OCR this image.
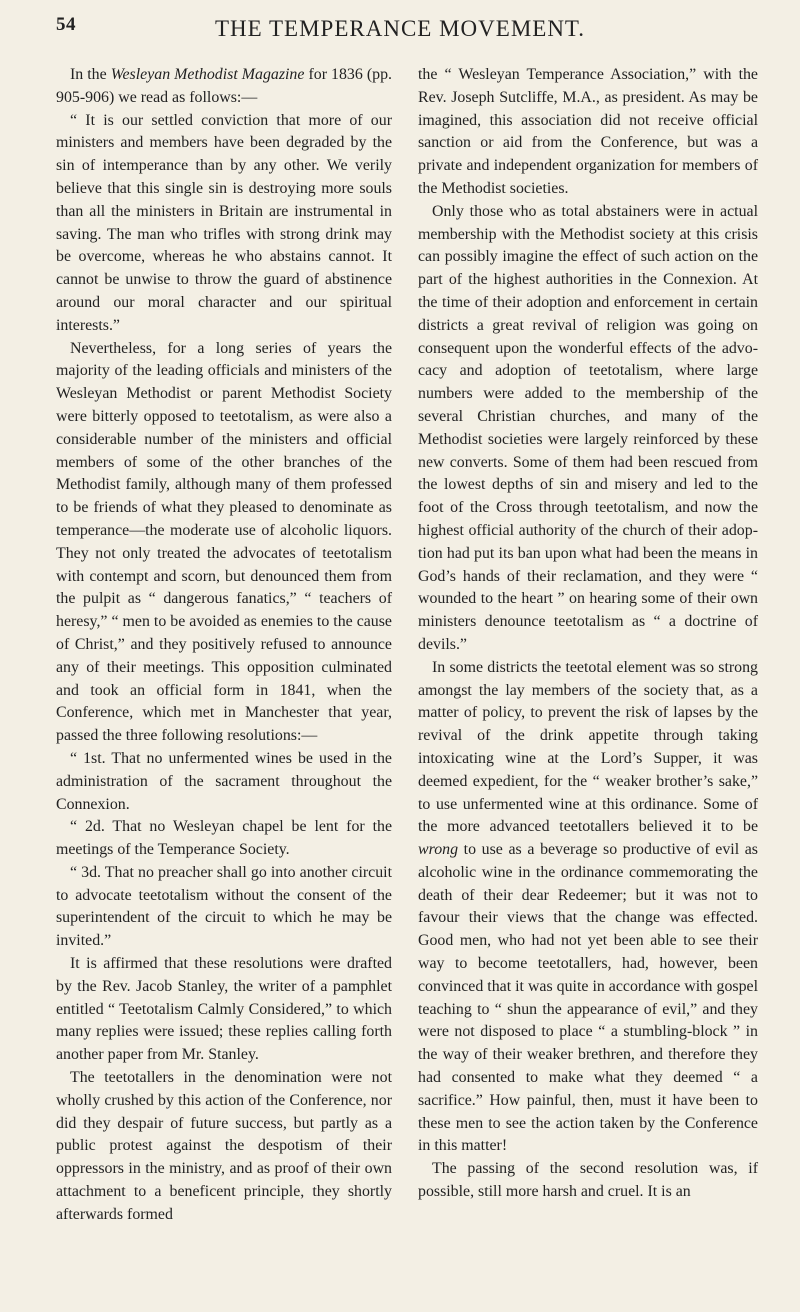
54	THE TEMPERANCE MOVEMENT.

In the Wesleyan Methodist Magazine for 1836 (pp. 905-906) we read as follows:—

“ It is our settled conviction that more of our ministers and members have been degraded by the sin of intemperance than by any other. We verily believe that this single sin is destroying more souls than all the ministers in Britain are instrumental in saving. The man who trifles with strong drink may be overcome, whereas he who abstains cannot. It cannot be unwise to throw the guard of abstinence around our moral character and our spiritual interests.”

Nevertheless, for a long series of years the majority of the leading officials and ministers of the Wesleyan Methodist or parent Methodist Society were bitterly opposed to teetotalism, as were also a considerable number of the ministers and official members of some of the other branches of the Methodist family, although many of them professed to be friends of what they pleased to denominate as temperance—the moderate use of alcoholic liquors. They not only treated the advocates of teetotalism with contempt and scorn, but denounced them from the pulpit as “ dangerous fanatics,” “ teachers of heresy,” “ men to be avoided as enemies to the cause of Christ,” and they positively refused to announce any of their meetings. This opposition culminated and took an official form in 1841, when the Conference, which met in Manchester that year, passed the three following resolutions:—

“ 1st. That no unfermented wines be used in the administration of the sacrament throughout the Connexion.

“ 2d. That no Wesleyan chapel be lent for the meetings of the Temperance Society.

“ 3d. That no preacher shall go into another circuit to advocate teetotalism without the consent of the superintendent of the circuit to which he may be invited.”

It is affirmed that these resolutions were drafted by the Rev. Jacob Stanley, the writer of a pamphlet entitled “ Teetotalism Calmly Considered,” to which many replies were issued; these replies calling forth another paper from Mr. Stanley.

The teetotallers in the denomination were not wholly crushed by this action of the Conference, nor did they despair of future success, but partly as a public protest against the despotism of their oppressors in the ministry, and as proof of their own attachment to a beneficent principle, they shortly afterwards formed

the “ Wesleyan Temperance Association,” with the Rev. Joseph Sutcliffe, M.A., as president. As may be imagined, this association did not receive official sanction or aid from the Conference, but was a private and independent organization for members of the Methodist societies.

Only those who as total abstainers were in actual membership with the Methodist society at this crisis can possibly imagine the effect of such action on the part of the highest authorities in the Connexion. At the time of their adoption and enforcement in certain districts a great revival of religion was going on consequent upon the wonderful effects of the advocacy and adoption of teetotalism, where large numbers were added to the membership of the several Christian churches, and many of the Methodist societies were largely reinforced by these new converts. Some of them had been rescued from the lowest depths of sin and misery and led to the foot of the Cross through teetotalism, and now the highest official authority of the church of their adoption had put its ban upon what had been the means in God’s hands of their reclamation, and they were “ wounded to the heart ” on hearing some of their own ministers denounce teetotalism as “ a doctrine of devils.”

In some districts the teetotal element was so strong amongst the lay members of the society that, as a matter of policy, to prevent the risk of lapses by the revival of the drink appetite through taking intoxicating wine at the Lord’s Supper, it was deemed expedient, for the “ weaker brother’s sake,” to use unfermented wine at this ordinance. Some of the more advanced teetotallers believed it to be wrong to use as a beverage so productive of evil as alcoholic wine in the ordinance commemorating the death of their dear Redeemer; but it was not to favour their views that the change was effected. Good men, who had not yet been able to see their way to become teetotallers, had, however, been convinced that it was quite in accordance with gospel teaching to “ shun the appearance of evil,” and they were not disposed to place “ a stumbling-block ” in the way of their weaker brethren, and therefore they had consented to make what they deemed “ a sacrifice.” How painful, then, must it have been to these men to see the action taken by the Conference in this matter!

The passing of the second resolution was, if possible, still more harsh and cruel. It is an
